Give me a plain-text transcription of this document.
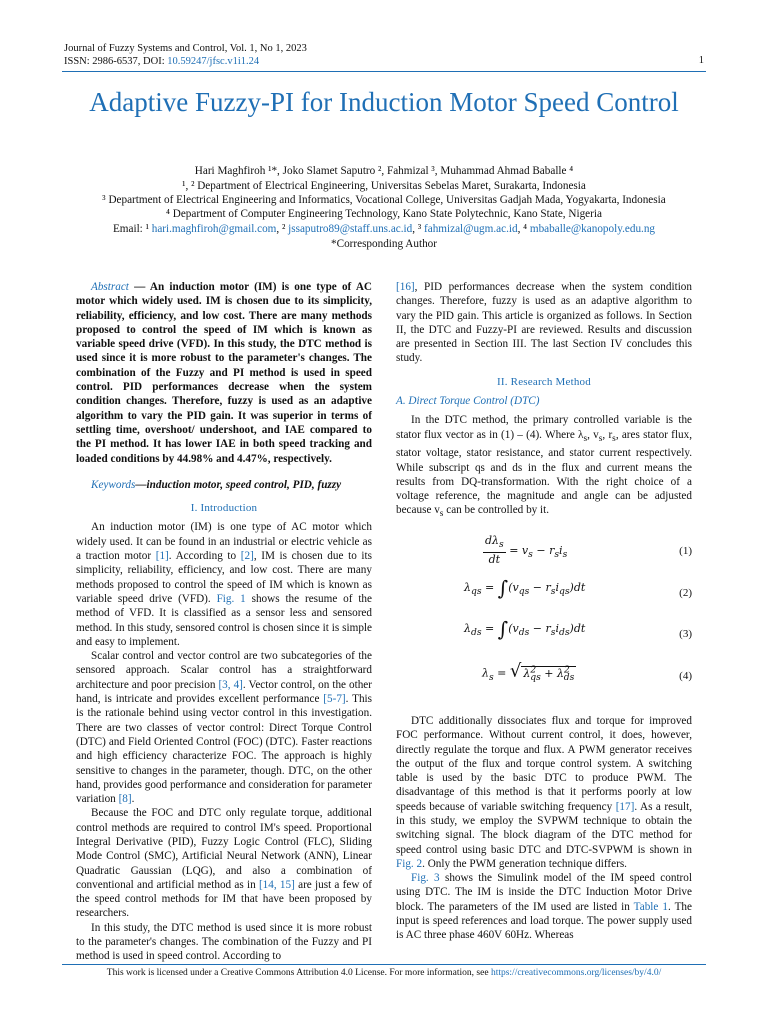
Journal of Fuzzy Systems and Control, Vol. 1, No 1, 2023
ISSN: 2986-6537, DOI: 10.59247/jfsc.v1i1.24	1
Adaptive Fuzzy-PI for Induction Motor Speed Control
Hari Maghfiroh ¹*, Joko Slamet Saputro ², Fahmizal ³, Muhammad Ahmad Baballe ⁴
¹, ² Department of Electrical Engineering, Universitas Sebelas Maret, Surakarta, Indonesia
³ Department of Electrical Engineering and Informatics, Vocational College, Universitas Gadjah Mada, Yogyakarta, Indonesia
⁴ Department of Computer Engineering Technology, Kano State Polytechnic, Kano State, Nigeria
Email: ¹ hari.maghfiroh@gmail.com, ² jssaputro89@staff.uns.ac.id, ³ fahmizal@ugm.ac.id, ⁴ mbaballe@kanopoly.edu.ng
*Corresponding Author

Abstract — An induction motor (IM) is one type of AC motor which widely used. IM is chosen due to its simplicity, reliability, efficiency, and low cost. There are many methods proposed to control the speed of IM which is known as variable speed drive (VFD). In this study, the DTC method is used since it is more robust to the parameter's changes. The combination of the Fuzzy and PI method is used in speed control. PID performances decrease when the system condition changes. Therefore, fuzzy is used as an adaptive algorithm to vary the PID gain. It was superior in terms of settling time, overshoot/ undershoot, and IAE compared to the PI method. It has lower IAE in both speed tracking and loaded conditions by 44.98% and 4.47%, respectively.

Keywords—induction motor, speed control, PID, fuzzy

I. Introduction

An induction motor (IM) is one type of AC motor which widely used. It can be found in an industrial or electric vehicle as a traction motor [1]. According to [2], IM is chosen due to its simplicity, reliability, efficiency, and low cost. There are many methods proposed to control the speed of IM which is known as variable speed drive (VFD). Fig. 1 shows the resume of the method of VFD. It is classified as a sensor less and sensored method. In this study, sensored control is chosen since it is simple and easy to implement.

Scalar control and vector control are two subcategories of the sensored approach. Scalar control has a straightforward architecture and poor precision [3, 4]. Vector control, on the other hand, is intricate and provides excellent performance [5-7]. This is the rationale behind using vector control in this investigation. There are two classes of vector control: Direct Torque Control (DTC) and Field Oriented Control (FOC) (DTC). Faster reactions and high efficiency characterize FOC. The approach is highly sensitive to changes in the parameter, though. DTC, on the other hand, provides good performance and consideration for parameter variation [8].

Because the FOC and DTC only regulate torque, additional control methods are required to control IM's speed. Proportional Integral Derivative (PID), Fuzzy Logic Control (FLC), Sliding Mode Control (SMC), Artificial Neural Network (ANN), Linear Quadratic Gaussian (LQG), and also a combination of conventional and artificial method as in [14, 15] are just a few of the speed control methods for IM that have been proposed by researchers.

In this study, the DTC method is used since it is more robust to the parameter's changes. The combination of the Fuzzy and PI method is used in speed control. According to

[16], PID performances decrease when the system condition changes. Therefore, fuzzy is used as an adaptive algorithm to vary the PID gain. This article is organized as follows. In Section II, the DTC and Fuzzy-PI are reviewed. Results and discussion are presented in Section III. The last Section IV concludes this study.

II. Research Method

A. Direct Torque Control (DTC)

In the DTC method, the primary controlled variable is the stator flux vector as in (1) – (4). Where $\lambda_s$, $v_s$, $r_s$, ares stator flux, stator voltage, stator resistance, and stator current respectively. While subscript qs and ds in the flux and current means the results from DQ-transformation. With the right choice of a voltage reference, the magnitude and angle can be adjusted because $v_s$ can be controlled by it.

$\frac{d\lambda_s}{dt} = v_s - r_si_s$	(1)
$\lambda_{qs} = \int(v_{qs} - r_si_{qs})dt$	(2)
$\lambda_{ds} = \int(v_{ds} - r_si_{ds})dt$	(3)
$\lambda_s$ = √ $\lambda^2_{qs} + \lambda^2_{ds}$	(4)

DTC additionally dissociates flux and torque for improved FOC performance. Without current control, it does, however, directly regulate the torque and flux. A PWM generator receives the output of the flux and torque control system. A switching table is used by the basic DTC to produce PWM. The disadvantage of this method is that it performs poorly at low speeds because of variable switching frequency [17]. As a result, in this study, we employ the SVPWM technique to obtain the switching signal. The block diagram of the DTC method for speed control using basic DTC and DTC-SVPWM is shown in Fig. 2. Only the PWM generation technique differs.

Fig. 3 shows the Simulink model of the IM speed control using DTC. The IM is inside the DTC Induction Motor Drive block. The parameters of the IM used are listed in Table 1. The input is speed references and load torque. The power supply used is AC three phase 460V 60Hz. Whereas

This work is licensed under a Creative Commons Attribution 4.0 License. For more information, see https://creativecommons.org/licenses/by/4.0/
